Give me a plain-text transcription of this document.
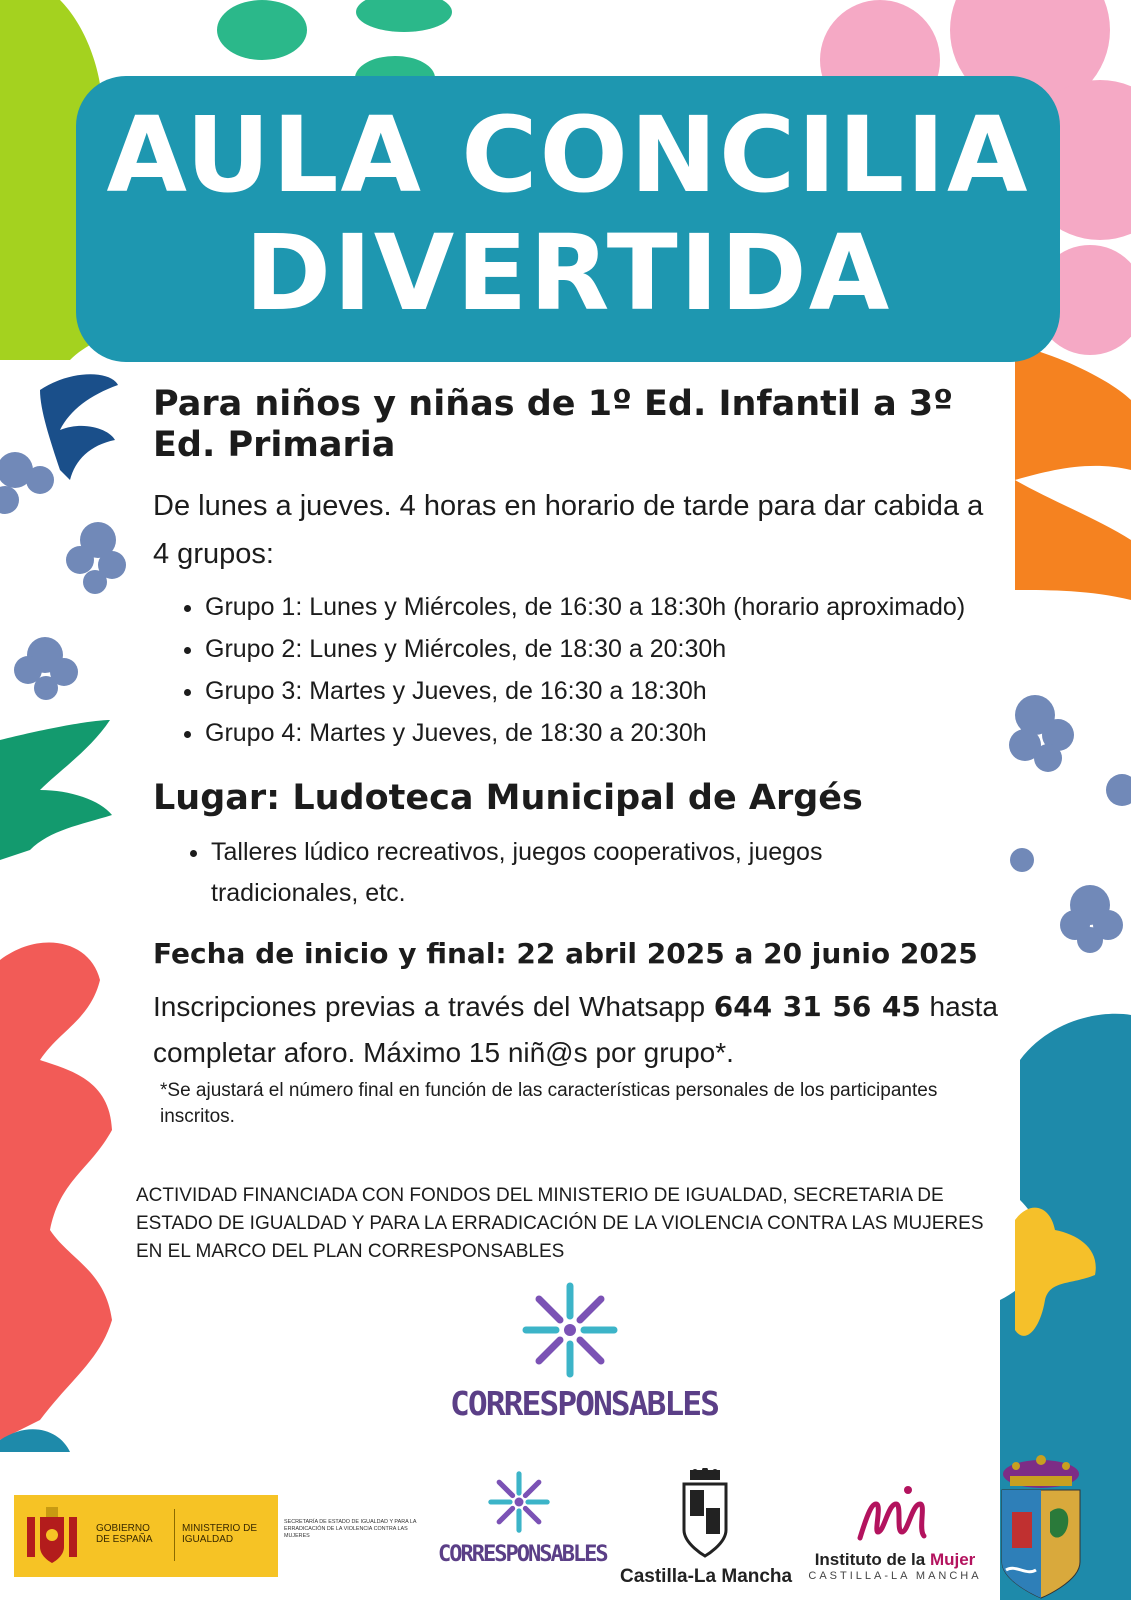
AULA CONCILIA
DIVERTIDA
Para niños y niñas de 1º Ed. Infantil a 3º Ed. Primaria

De lunes a jueves. 4 horas en horario de tarde para dar cabida a 4 grupos:

• Grupo 1: Lunes y Miércoles, de 16:30 a 18:30h (horario aproximado)
• Grupo 2: Lunes y Miércoles, de 18:30 a 20:30h
• Grupo 3: Martes y Jueves, de 16:30 a 18:30h
• Grupo 4: Martes y Jueves, de 18:30 a 20:30h
Lugar: Ludoteca Municipal de Argés
• Talleres lúdico recreativos, juegos cooperativos, juegos tradicionales, etc.
Fecha de inicio y final: 22 abril 2025 a 20 junio 2025

Inscripciones previas a través del Whatsapp 644 31 56 45 hasta completar aforo. Máximo 15 niñ@s por grupo*.

*Se ajustará el número final en función de las características personales de los participantes inscritos.

ACTIVIDAD FINANCIADA CON FONDOS DEL MINISTERIO DE IGUALDAD, SECRETARIA DE ESTADO DE IGUALDAD Y PARA LA ERRADICACIÓN DE LA VIOLENCIA CONTRA LAS MUJERES EN EL MARCO DEL PLAN CORRESPONSABLES
CORRESPONSABLES
GOBIERNO DE ESPAÑA
MINISTERIO DE IGUALDAD
SECRETARÍA DE ESTADO DE IGUALDAD Y PARA LA ERRADICACIÓN DE LA VIOLENCIA CONTRA LAS MUJERES
CORRESPONSABLES
Castilla-La Mancha
Instituto de la Mujer
CASTILLA-LA MANCHA
